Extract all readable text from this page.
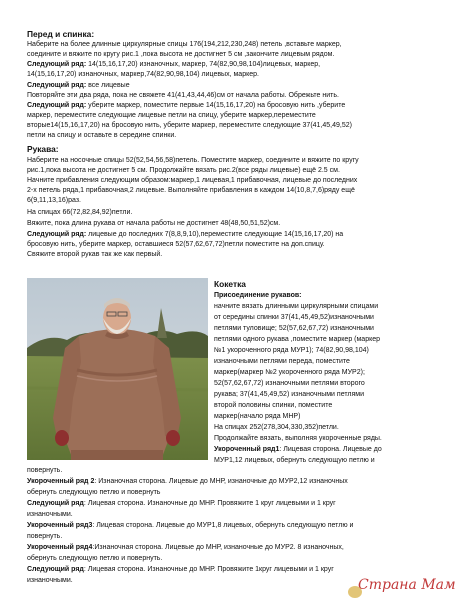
Перед и спинка:
Наберите на более длинные циркулярные спицы 176(194,212,230,248) петель ,вставьте маркер,
соедините и вяжите по кругу рис.1 ,пока высота не достигнет 5 см ,закончите лицевым рядом.
Следующий ряд: 14(15,16,17,20) изнаночных, маркер, 74(82,90,98,104)лицевых, маркер,
14(15,16,17,20) изнаночных, маркер,74(82,90,98,104) лицевых, маркер.
Следующий ряд: все лицевые
Повторяйте эти два ряда, пока не свяжете 41(41,43,44,46)см от начала работы. Обрежьте нить.
Следующий ряд: уберите маркер, поместите первые 14(15,16,17,20) на бросовую нить ,уберите
маркер, переместите следующие лицевые петли на спицу, уберите маркер,переместите
вторые14(15,16,17,20) на бросовую нить, уберите маркер, переместите следующие 37(41,45,49,52)
петли на спицу и оставьте в середине спинки.
Рукава:
Наберите на носочные спицы 52(52,54,56,58)петель. Поместите маркер, соедините и вяжите по кругу
рис.1,пока высота не достигнет 5 см. Продолжайте вязать рис.2(все ряды лицевые) ещё 2.5 см.
Начните прибавления следующим образом:маркер,1 лицевая,1 прибавочная, лицевые до последних
2-х петель ряда,1 прибавочная,2 лицевые. Выполняйте прибавления в каждом 14(10,8,7,6)ряду ещё
6(9,11,13,16)раз.
На спицах 66(72,82,84,92)петли.
Вяжите, пока длина рукава от начала работы не достигнет 48(48,50,51,52)см.
Следующий ряд: лицевые до последних 7(8,8,9,10),переместите следующие 14(15,16,17,20) на
бросовую нить, уберите маркер, оставшиеся 52(57,62,67,72)петли поместите на доп.спицу.
Свяжите второй рукав так же как первый.
Кокетка
Присоединение рукавов:
начните вязать длинными циркулярными спицами
от середины спинки 37(41,45,49,52)изнаночными
петлями туловище; 52(57,62,67,72) изнаночными
петлями одного рукава ,поместите маркер (маркер
№1 укороченного ряда МУР1); 74(82,90,98,104)
изнаночными петлями переда, поместите
маркер(маркер №2 укороченного ряда МУР2);
52(57,62,67,72) изнаночными петлями второго
рукава; 37(41,45,49,52) изнаночными петлями
второй половины спинки, поместите
маркер(начало ряда МНР)
На спицах 252(278,304,330,352)петли.
Продолжайте вязать, выполняя укороченные ряды.
Укороченный ряд1: Лицевая сторона. Лицевые до
МУР1,12 лицевых, обернуть следующую петлю и
повернуть.
Укороченный ряд 2: Изнаночная сторона. Лицевые до МНР, изнаночные до МУР2,12 изнаночных
обернуть следующую петлю и повернуть
Следующий ряд: Лицевая сторона. Изнаночные до МНР. Провяжите 1 круг лицевыми и 1 круг
изнаночными.
Укороченный ряд3: Лицевая сторона. Лицевые до МУР1,8 лицевых, обернуть следующую петлю и
повернуть.
Укороченный ряд4:Изнаночная сторона. Лицевые до МНР, изнаночные до МУР2. 8 изнаночных,
обернуть следующую петлю и повернуть.
Следующий ряд: Лицевая сторона. Изнаночные до МНР. Провяжите 1круг лицевыми и 1 круг
изнаночными.	Страна Мам
